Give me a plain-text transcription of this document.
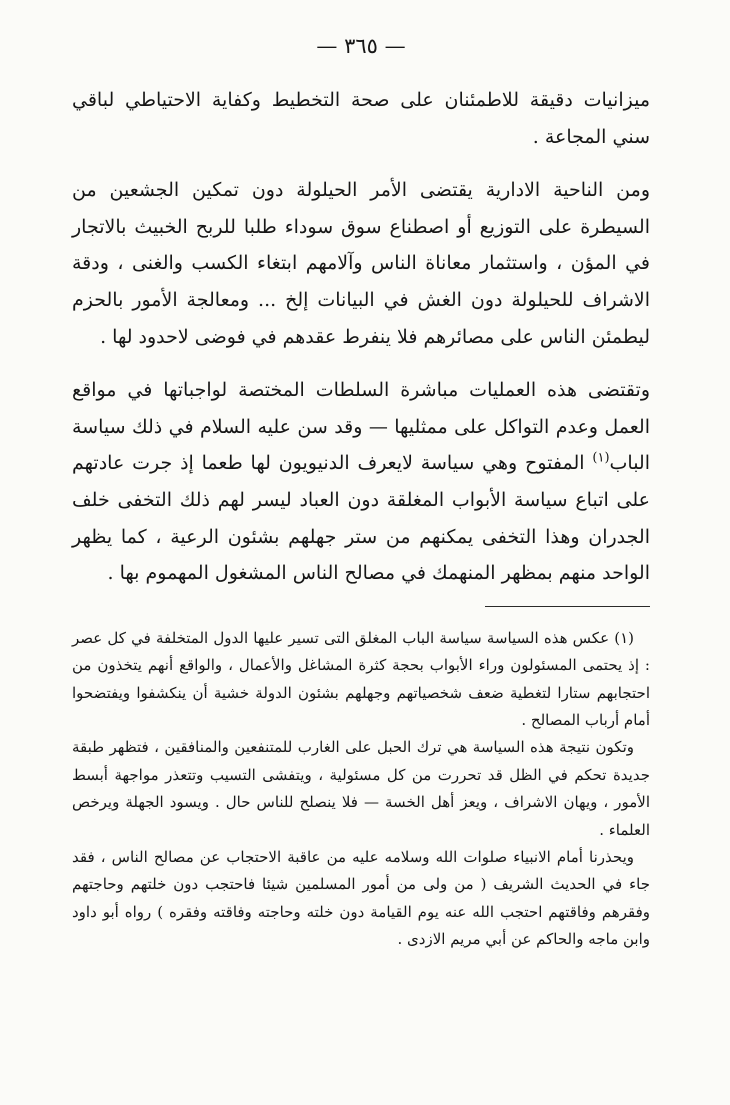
— ٣٦٥ —

ميزانيات دقيقة للاطمئنان على صحة التخطيط وكفاية الاحتياطي لباقي سني المجاعة .

ومن الناحية الادارية يقتضى الأمر الحيلولة دون تمكين الجشعين من السيطرة على التوزيع أو اصطناع سوق سوداء طلبا للربح الخبيث بالاتجار في المؤن ، واستثمار معاناة الناس وآلامهم ابتغاء الكسب والغنى ، ودقة الاشراف للحيلولة دون الغش في البيانات إلخ ... ومعالجة الأمور بالحزم ليطمئن الناس على مصائرهم فلا ينفرط عقدهم في فوضى لاحدود لها .

وتقتضى هذه العمليات مباشرة السلطات المختصة لواجباتها في مواقع العمل وعدم التواكل على ممثليها — وقد سن عليه السلام في ذلك سياسة الباب$^{(١)}$ المفتوح وهي سياسة لايعرف الدنيويون لها طعما إذ جرت عادتهم على اتباع سياسة الأبواب المغلقة دون العباد ليسر لهم ذلك التخفى خلف الجدران وهذا التخفى يمكنهم من ستر جهلهم بشئون الرعية ، كما يظهر الواحد منهم بمظهر المنهمك في مصالح الناس المشغول المهموم بها .

(١) عكس هذه السياسة سياسة الباب المغلق التى تسير عليها الدول المتخلفة في كل عصر : إذ يحتمى المسئولون وراء الأبواب بحجة كثرة المشاغل والأعمال ، والواقع أنهم يتخذون من احتجابهم ستارا لتغطية ضعف شخصياتهم وجهلهم بشئون الدولة خشية أن ينكشفوا ويفتضحوا أمام أرباب المصالح .

وتكون نتيجة هذه السياسة هي ترك الحبل على الغارب للمتنفعين والمنافقين ، فتظهر طبقة جديدة تحكم في الظل قد تحررت من كل مسئولية ، ويتفشى التسيب وتتعذر مواجهة أبسط الأمور ، ويهان الاشراف ، ويعز أهل الخسة — فلا ينصلح للناس حال . ويسود الجهلة ويرخص العلماء .

ويحذرنا أمام الانبياء صلوات الله وسلامه عليه من عاقبة الاحتجاب عن مصالح الناس ، فقد جاء في الحديث الشريف ( من ولى من أمور المسلمين شيئا فاحتجب دون خلتهم وحاجتهم وفقرهم وفاقتهم احتجب الله عنه يوم القيامة دون خلته وحاجته وفاقته وفقره ) رواه أبو داود وابن ماجه والحاكم عن أبي مريم الازدى .
